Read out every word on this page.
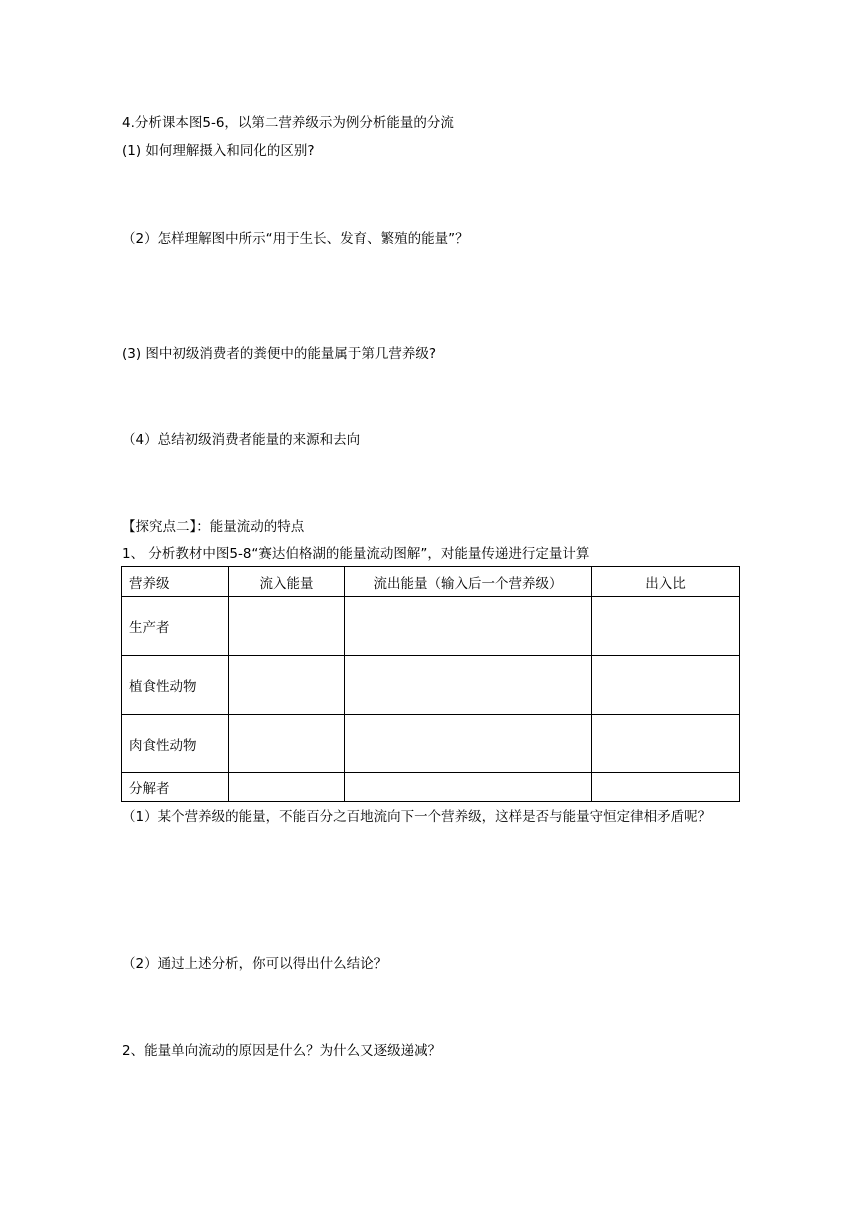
4.分析课本图5-6，以第二营养级示为例分析能量的分流
(1) 如何理解摄入和同化的区别?
（2）怎样理解图中所示“用于生长、发育、繁殖的能量”？
(3) 图中初级消费者的粪便中的能量属于第几营养级?
（4）总结初级消费者能量的来源和去向
【探究点二】：能量流动的特点
1、 分析教材中图5-8“赛达伯格湖的能量流动图解”，对能量传递进行定量计算
营养级	流入能量	流出能量（输入后一个营养级）	出入比
生产者			
植食性动物			
肉食性动物			
分解者			
（1）某个营养级的能量，不能百分之百地流向下一个营养级，这样是否与能量守恒定律相矛盾呢？
（2）通过上述分析，你可以得出什么结论？
2、能量单向流动的原因是什么？为什么又逐级递减？
